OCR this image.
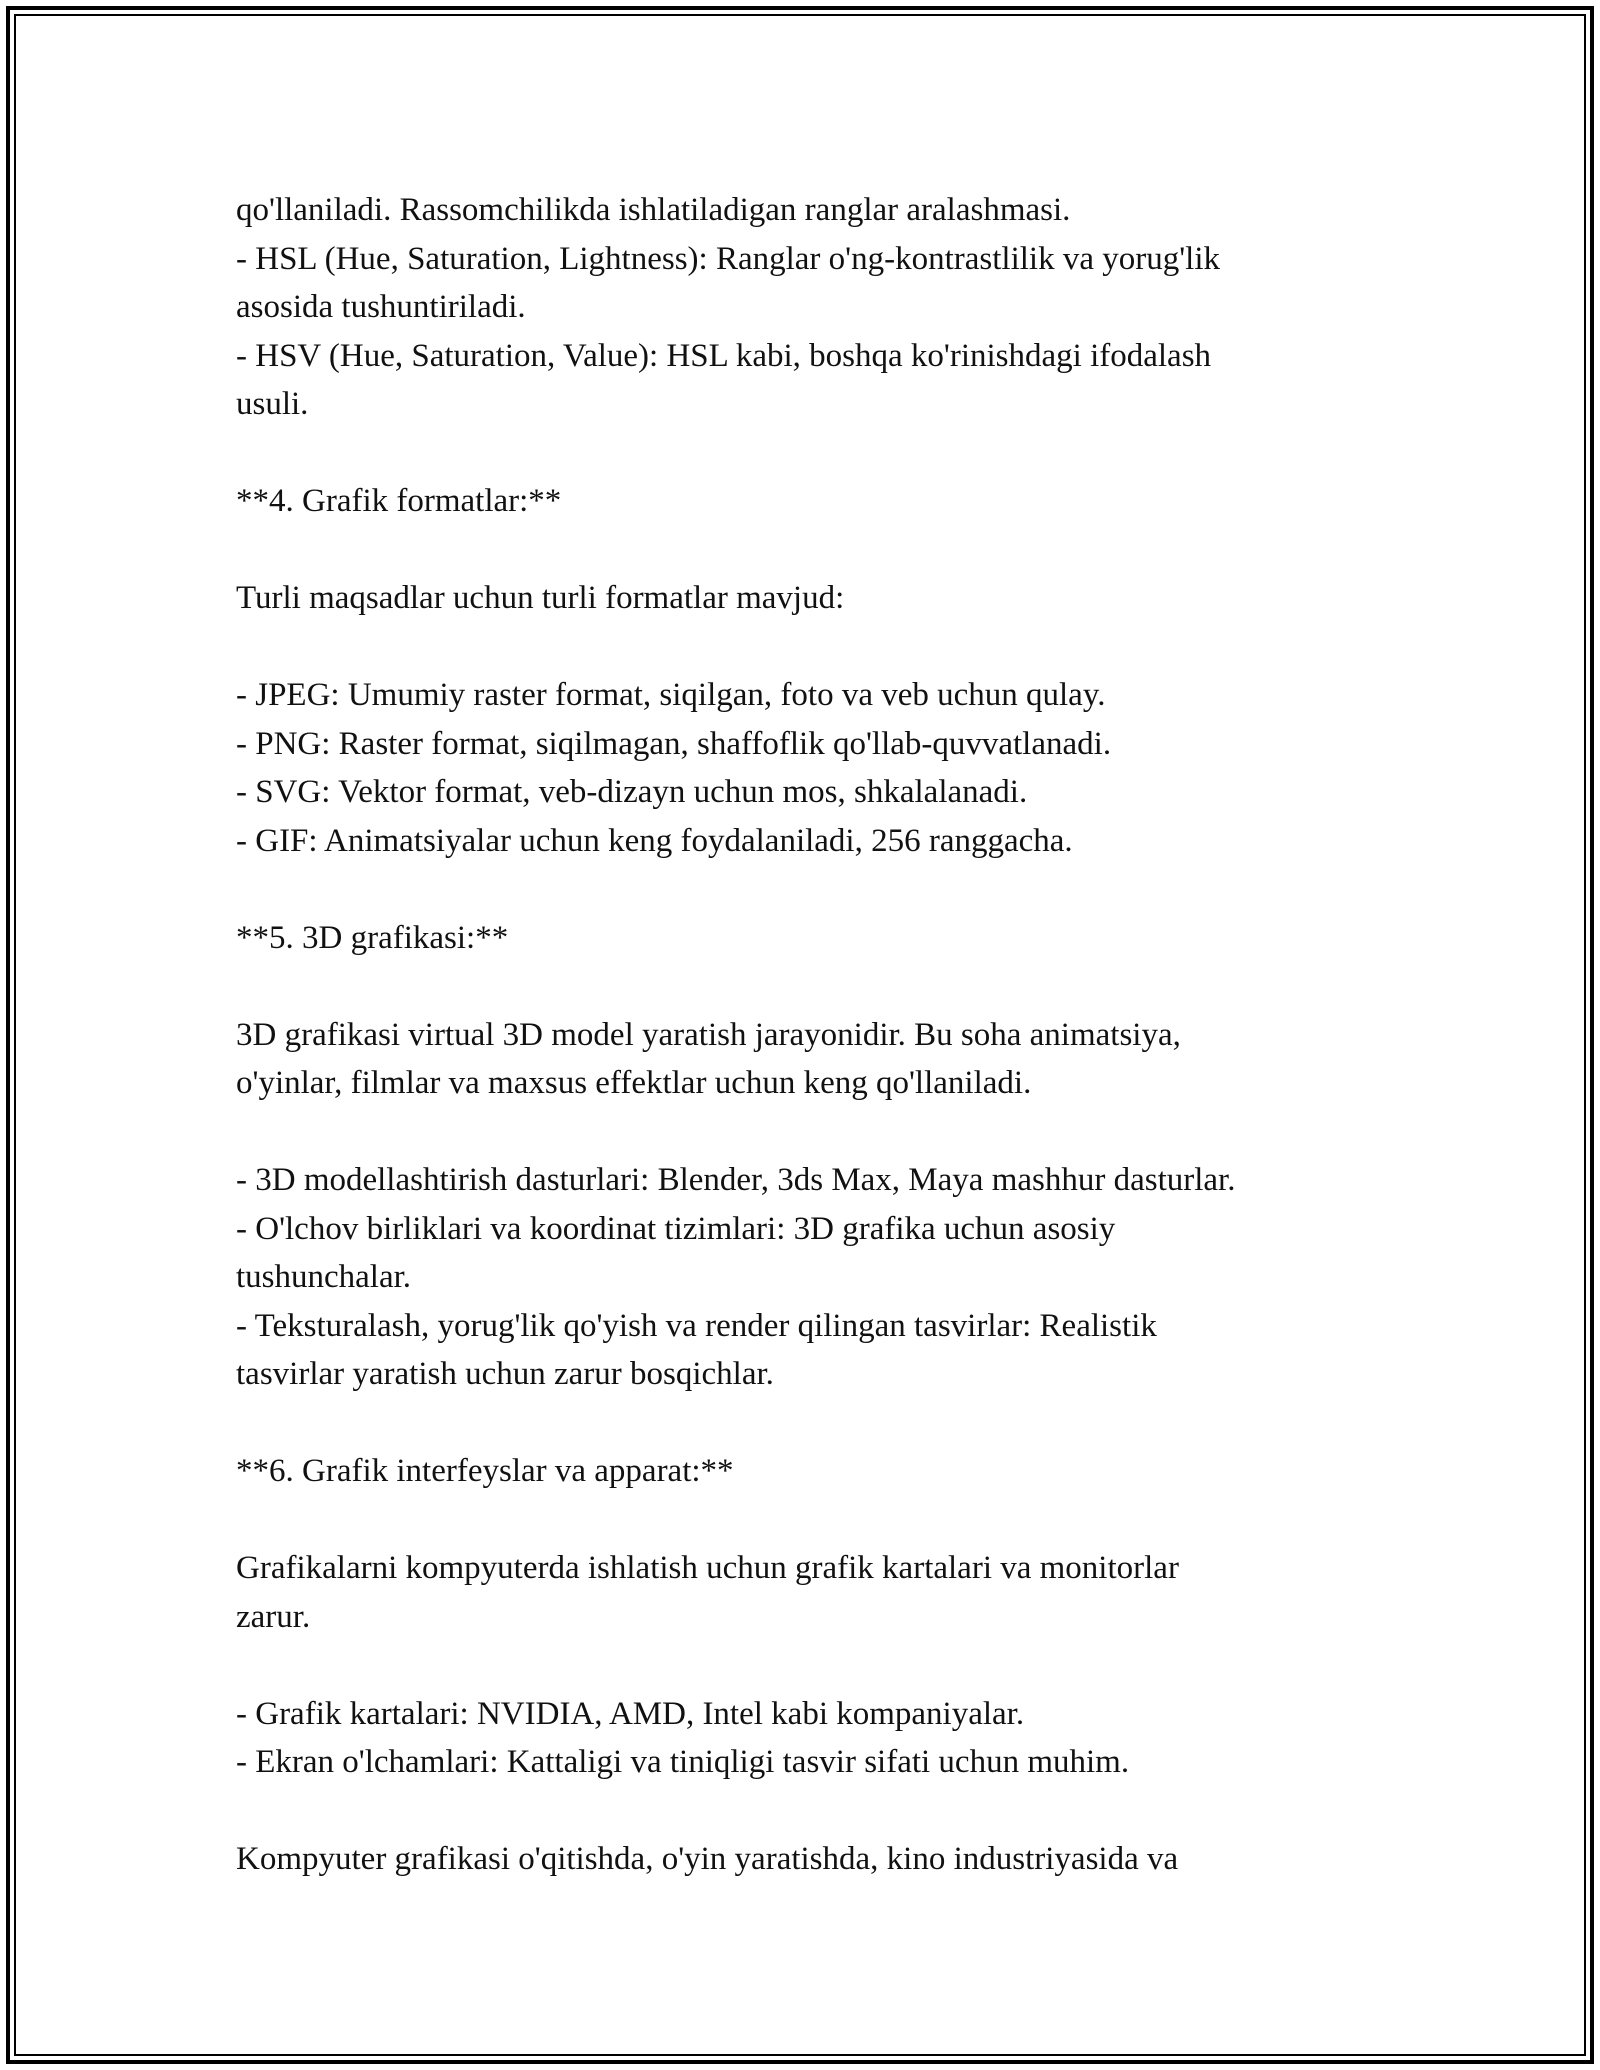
qo'llaniladi. Rassomchilikda ishlatiladigan ranglar aralashmasi.
- HSL (Hue, Saturation, Lightness): Ranglar o'ng-kontrastlilik va yorug'lik
asosida tushuntiriladi.
- HSV (Hue, Saturation, Value): HSL kabi, boshqa ko'rinishdagi ifodalash
usuli.
**4. Grafik formatlar:**
Turli maqsadlar uchun turli formatlar mavjud:
- JPEG: Umumiy raster format, siqilgan, foto va veb uchun qulay.
- PNG: Raster format, siqilmagan, shaffoflik qo'llab-quvvatlanadi.
- SVG: Vektor format, veb-dizayn uchun mos, shkalalanadi.
- GIF: Animatsiyalar uchun keng foydalaniladi, 256 ranggacha.
**5. 3D grafikasi:**
3D grafikasi virtual 3D model yaratish jarayonidir. Bu soha animatsiya,
o'yinlar, filmlar va maxsus effektlar uchun keng qo'llaniladi.
- 3D modellashtirish dasturlari: Blender, 3ds Max, Maya mashhur dasturlar.
- O'lchov birliklari va koordinat tizimlari: 3D grafika uchun asosiy
tushunchalar.
- Teksturalash, yorug'lik qo'yish va render qilingan tasvirlar: Realistik
tasvirlar yaratish uchun zarur bosqichlar.
**6. Grafik interfeyslar va apparat:**
Grafikalarni kompyuterda ishlatish uchun grafik kartalari va monitorlar
zarur.
- Grafik kartalari: NVIDIA, AMD, Intel kabi kompaniyalar.
- Ekran o'lchamlari: Kattaligi va tiniqligi tasvir sifati uchun muhim.
Kompyuter grafikasi o'qitishda, o'yin yaratishda, kino industriyasida va
